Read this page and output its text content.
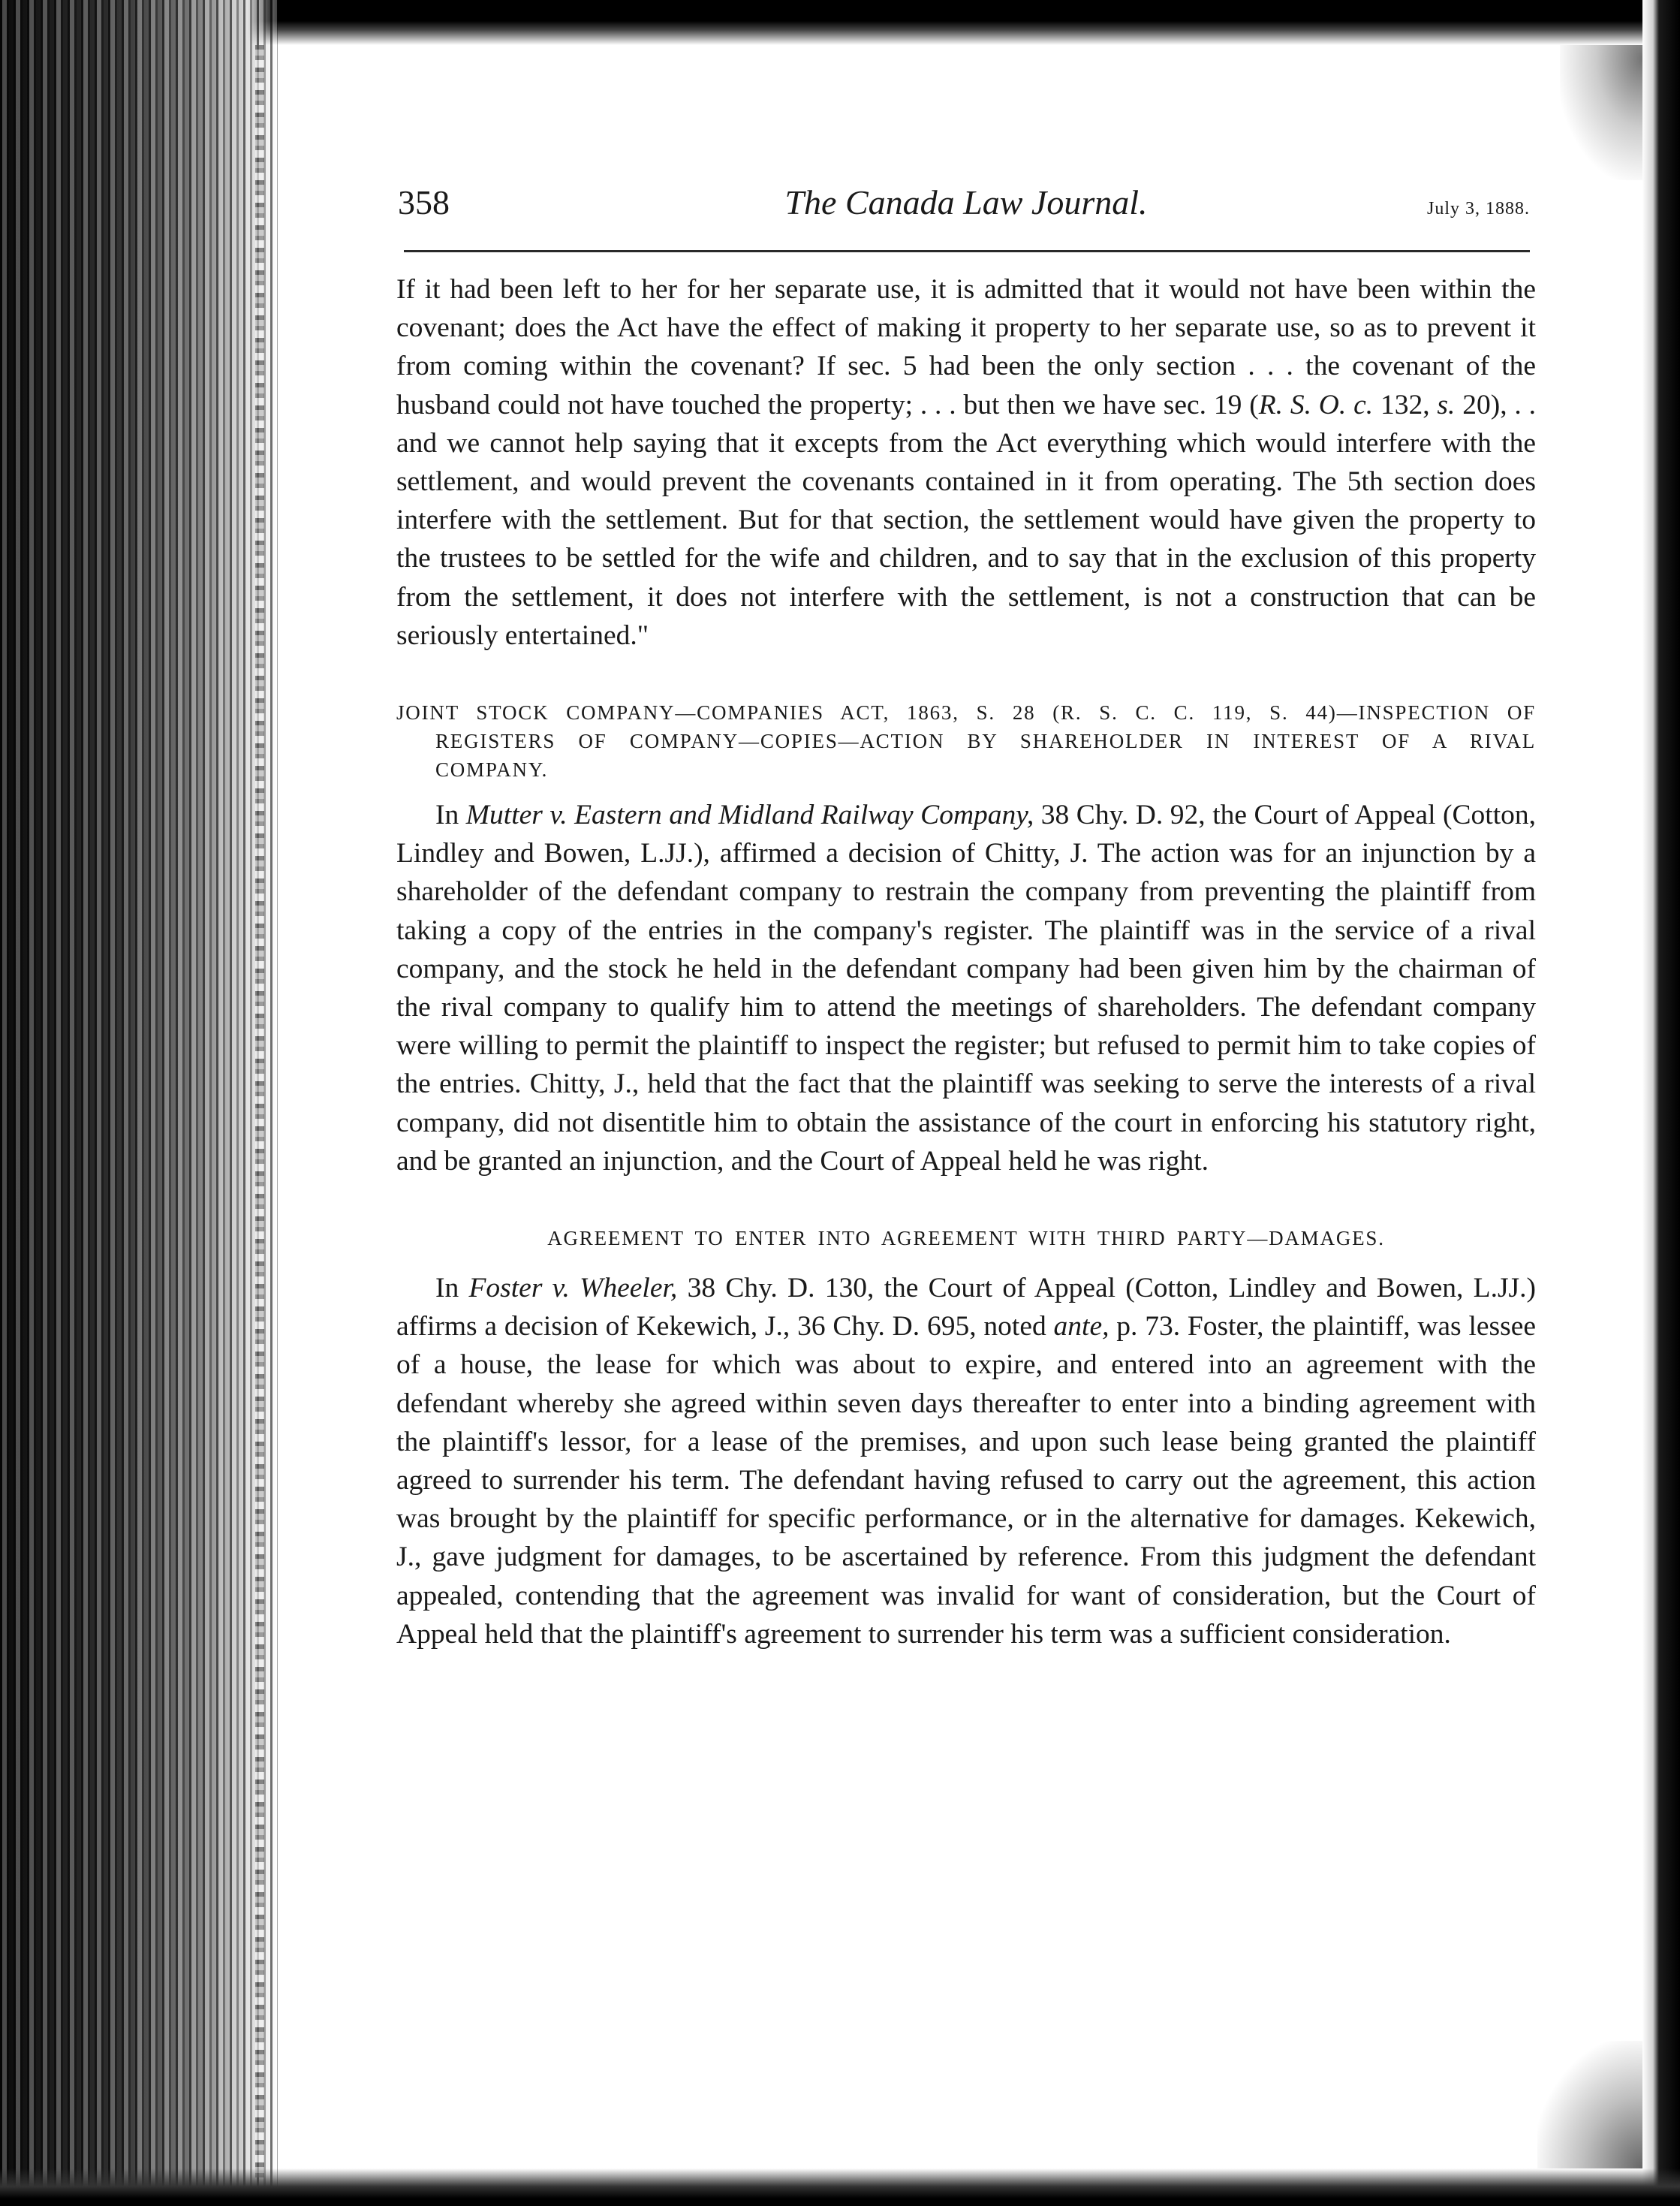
358	The Canada Law Journal.	July 3, 1888.

If it had been left to her for her separate use, it is admitted that it would not have been within the covenant; does the Act have the effect of making it property to her separate use, so as to prevent it from coming within the covenant? If sec. 5 had been the only section . . . the covenant of the husband could not have touched the property; . . . but then we have sec. 19 (R. S. O. c. 132, s. 20), . . and we cannot help saying that it excepts from the Act everything which would interfere with the settlement, and would prevent the covenants contained in it from operating. The 5th section does interfere with the settlement. But for that section, the settlement would have given the property to the trustees to be settled for the wife and children, and to say that in the exclusion of this property from the settlement, it does not interfere with the settlement, is not a construction that can be seriously entertained."

JOINT STOCK COMPANY—COMPANIES ACT, 1863, S. 28 (R. S. C. C. 119, S. 44)—INSPECTION OF REGISTERS OF COMPANY—COPIES—ACTION BY SHAREHOLDER IN INTEREST OF A RIVAL COMPANY.

In Mutter v. Eastern and Midland Railway Company, 38 Chy. D. 92, the Court of Appeal (Cotton, Lindley and Bowen, L.JJ.), affirmed a decision of Chitty, J. The action was for an injunction by a shareholder of the defendant company to restrain the company from preventing the plaintiff from taking a copy of the entries in the company's register. The plaintiff was in the service of a rival company, and the stock he held in the defendant company had been given him by the chairman of the rival company to qualify him to attend the meetings of shareholders. The defendant company were willing to permit the plaintiff to inspect the register; but refused to permit him to take copies of the entries. Chitty, J., held that the fact that the plaintiff was seeking to serve the interests of a rival company, did not disentitle him to obtain the assistance of the court in enforcing his statutory right, and be granted an injunction, and the Court of Appeal held he was right.

AGREEMENT TO ENTER INTO AGREEMENT WITH THIRD PARTY—DAMAGES.

In Foster v. Wheeler, 38 Chy. D. 130, the Court of Appeal (Cotton, Lindley and Bowen, L.JJ.) affirms a decision of Kekewich, J., 36 Chy. D. 695, noted ante, p. 73. Foster, the plaintiff, was lessee of a house, the lease for which was about to expire, and entered into an agreement with the defendant whereby she agreed within seven days thereafter to enter into a binding agreement with the plaintiff's lessor, for a lease of the premises, and upon such lease being granted the plaintiff agreed to surrender his term. The defendant having refused to carry out the agreement, this action was brought by the plaintiff for specific performance, or in the alternative for damages. Kekewich, J., gave judgment for damages, to be ascertained by reference. From this judgment the defendant appealed, contending that the agreement was invalid for want of consideration, but the Court of Appeal held that the plaintiff's agreement to surrender his term was a sufficient consideration.
